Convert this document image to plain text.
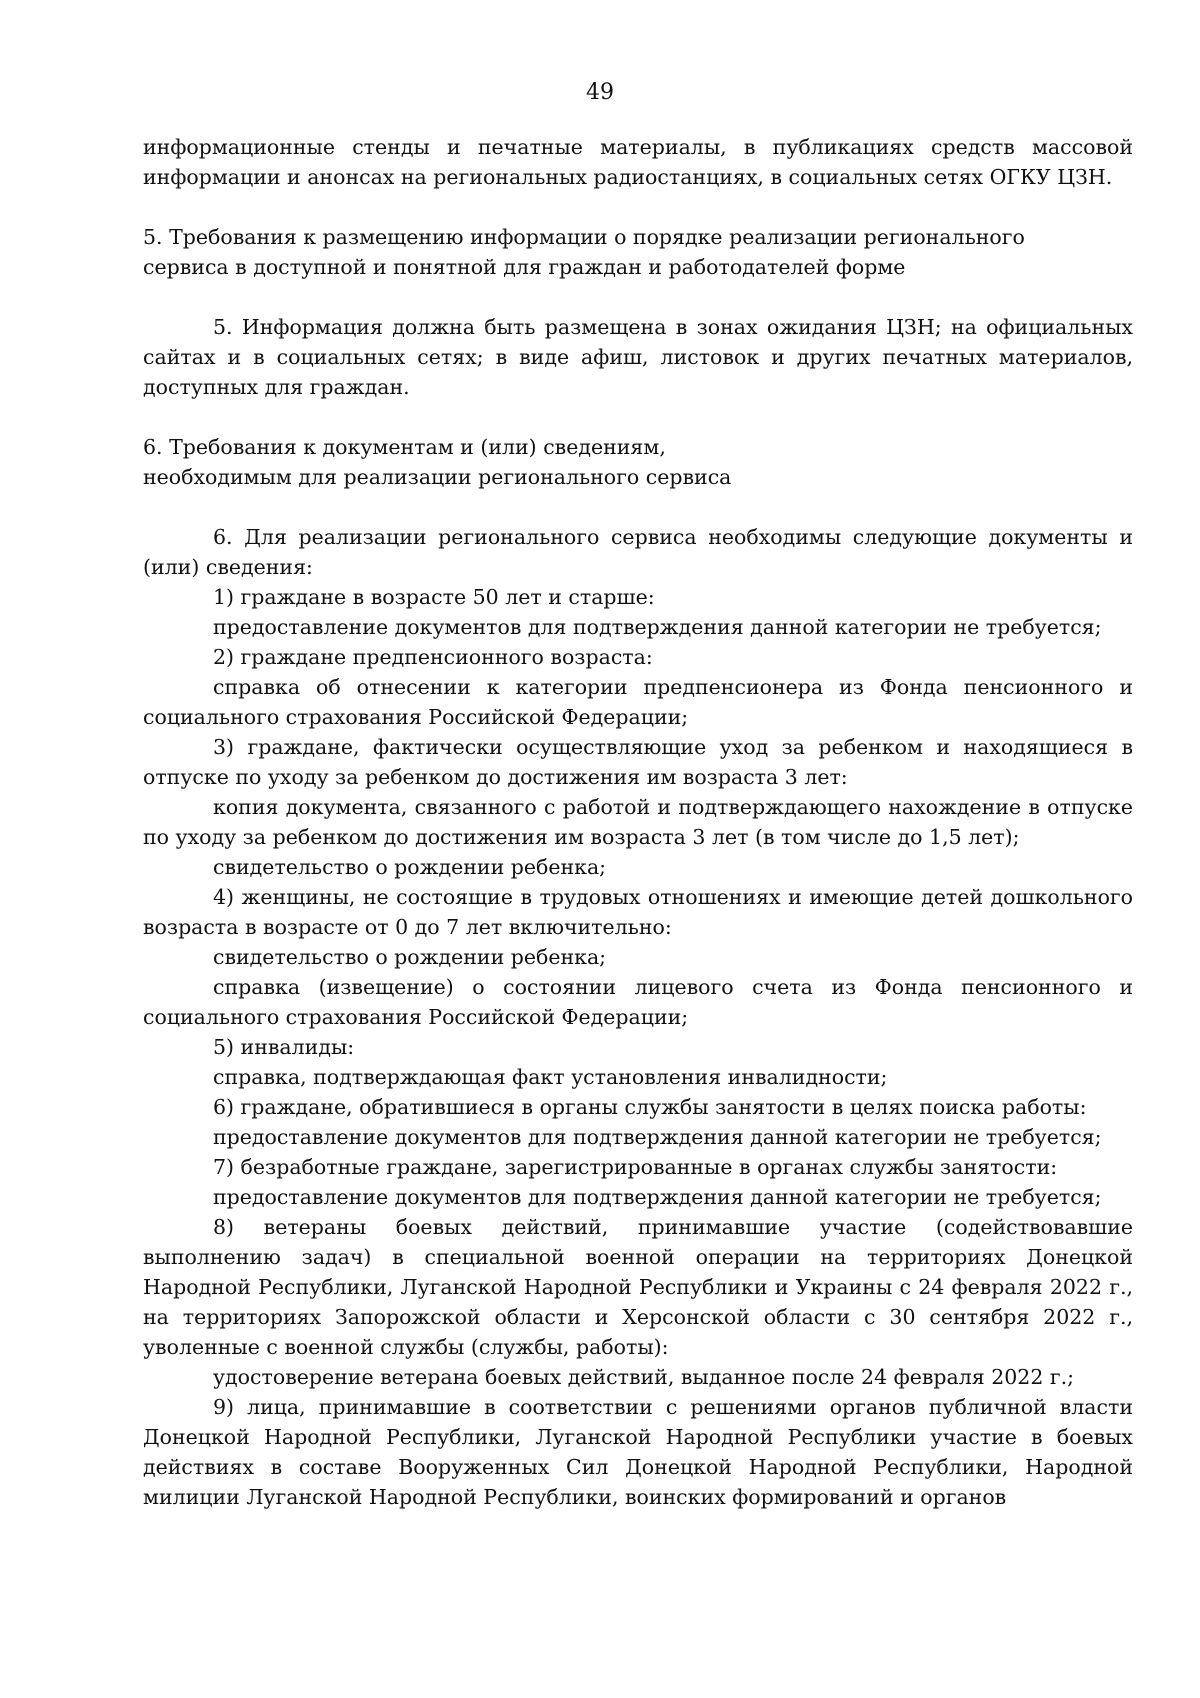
49

информационные стенды и печатные материалы, в публикациях средств массовой информации и анонсах на региональных радиостанциях, в социальных сетях ОГКУ ЦЗН.

5. Требования к размещению информации о порядке реализации регионального

сервиса в доступной и понятной для граждан и работодателей форме

5. Информация должна быть размещена в зонах ожидания ЦЗН; на официальных сайтах и в социальных сетях; в виде афиш, листовок и других печатных материалов, доступных для граждан.

6. Требования к документам и (или) сведениям,

необходимым для реализации регионального сервиса

6. Для реализации регионального сервиса необходимы следующие документы и (или) сведения:

1) граждане в возрасте 50 лет и старше:

предоставление документов для подтверждения данной категории не требуется;

2) граждане предпенсионного возраста:

справка об отнесении к категории предпенсионера из Фонда пенсионного и социального страхования Российской Федерации;

3) граждане, фактически осуществляющие уход за ребенком и находящиеся в отпуске по уходу за ребенком до достижения им возраста 3 лет:

копия документа, связанного с работой и подтверждающего нахождение в отпуске по уходу за ребенком до достижения им возраста 3 лет (в том числе до 1,5 лет);

свидетельство о рождении ребенка;

4) женщины, не состоящие в трудовых отношениях и имеющие детей дошкольного возраста в возрасте от 0 до 7 лет включительно:

свидетельство о рождении ребенка;

справка (извещение) о состоянии лицевого счета из Фонда пенсионного и социального страхования Российской Федерации;

5) инвалиды:

справка, подтверждающая факт установления инвалидности;

6) граждане, обратившиеся в органы службы занятости в целях поиска работы:

предоставление документов для подтверждения данной категории не требуется;

7) безработные граждане, зарегистрированные в органах службы занятости:

предоставление документов для подтверждения данной категории не требуется;

8) ветераны боевых действий, принимавшие участие (содействовавшие выполнению задач) в специальной военной операции на территориях Донецкой Народной Республики, Луганской Народной Республики и Украины с 24 февраля 2022 г., на территориях Запорожской области и Херсонской области с 30 сентября 2022 г., уволенные с военной службы (службы, работы):

удостоверение ветерана боевых действий, выданное после 24 февраля 2022 г.;

9) лица, принимавшие в соответствии с решениями органов публичной власти Донецкой Народной Республики, Луганской Народной Республики участие в боевых действиях в составе Вооруженных Сил Донецкой Народной Республики, Народной милиции Луганской Народной Республики, воинских формирований и органов
